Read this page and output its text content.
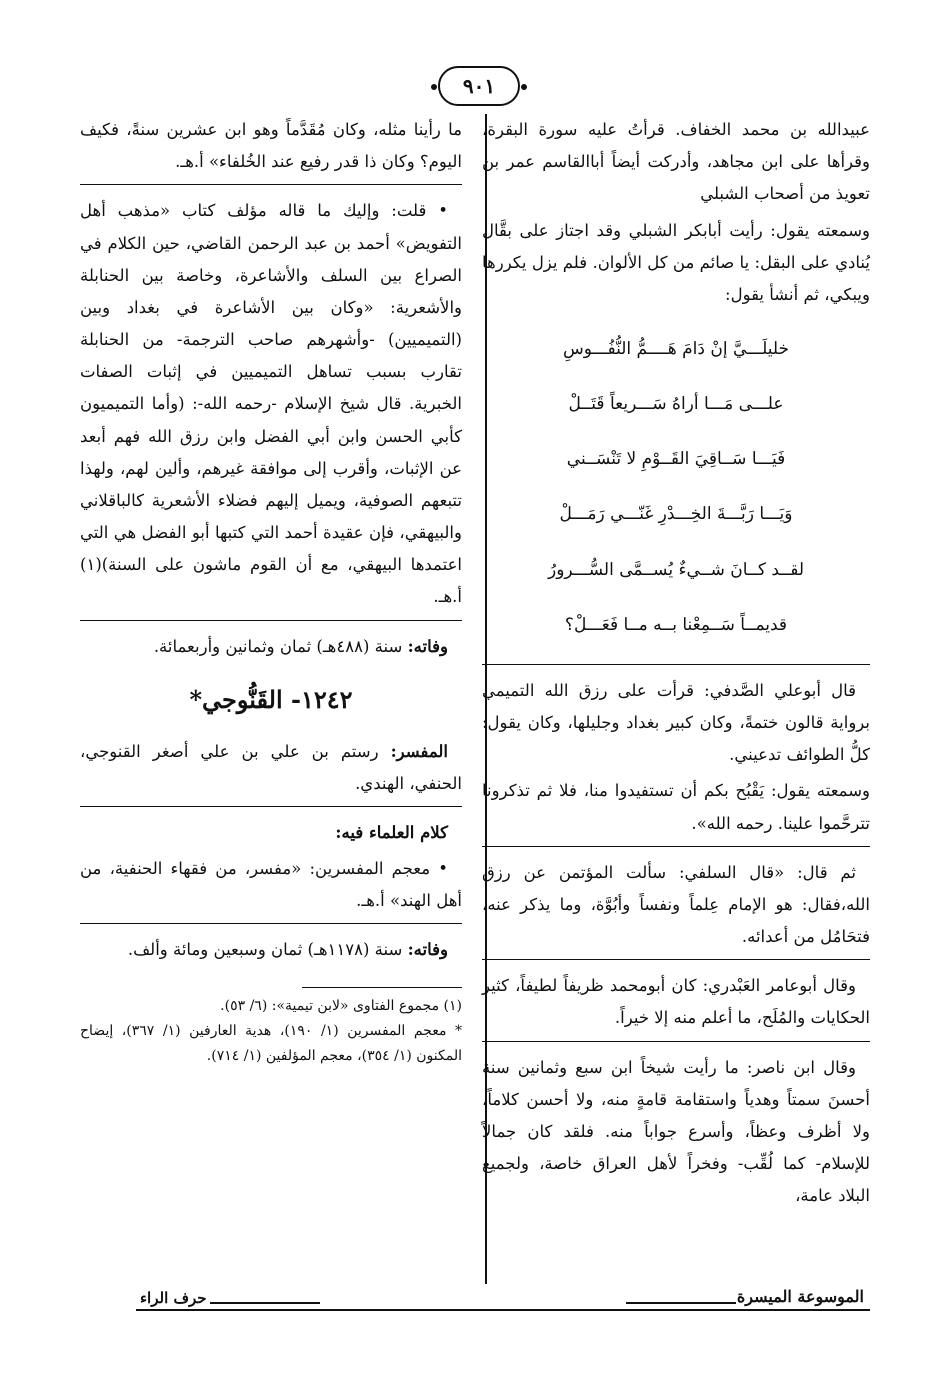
٩٠١

عبيدالله بن محمد الخفاف. قرأتُ عليه سورة البقرة، وقرأها على ابن مجاهد، وأدركت أيضاً أباالقاسم عمر بن تعويذ من أصحاب الشبلي

وسمعته يقول: رأيت أبابكر الشبلي وقد اجتاز على بقَّال يُنادي على البقل: يا صائم من كل الألوان. فلم يزل يكررها ويبكي، ثم أنشأ يقول:

خليلَـــيَّ إنْ دَامَ هَــــمُّ النُّفُـــوسِ
علـــى مَـــا أراهُ سَـــريعاً قَتَــلْ
فَيَـــا سَــاقِيَ القَــوْمِ لا تَنْسَــني
وَيَـــا رَبَّـــةَ الخِـــدْرِ غَنّـــي رَمَـــلْ
لقــد كــانَ شــيءٌ يُســمَّى السُّـــرورُ
قديمــاً سَــمِعْنا بــه مــا فَعَـــلْ؟

قال أبوعلي الصَّدفي: قرأت على رزق الله التميمي برواية قالون ختمةً، وكان كبير بغداد وجليلها، وكان يقول: كلُّ الطوائف تدعيني.

وسمعته يقول: يَقْبُح بكم أن تستفيدوا منا، فلا ثم تذكرونا تترحَّموا علينا. رحمه الله».

ثم قال: «قال السلفي: سألت المؤتمن عن رزق الله،فقال: هو الإمام عِلماً ونفساً وأبُوَّة، وما يذكر عنه، فتحَامُل من أعدائه.

وقال أبوعامر العَبْدري: كان أبومحمد ظريفاً لطيفاً، كثير الحكايات والمُلَح، ما أعلم منه إلا خيراً.

وقال ابن ناصر: ما رأيت شيخاً ابن سبع وثمانين سنة أحسنَ سمتاً وهدياً واستقامة قامةٍ منه، ولا أحسن كلاماً، ولا أظرف وعظاً، وأسرع جواباً منه. فلقد كان جمالاً للإسلام- كما لُقِّب- وفخراً لأهل العراق خاصة، ولجميع البلاد عامة،

ما رأينا مثله، وكان مُقَدَّماً وهو ابن عشرين سنةً، فكيف اليوم؟ وكان ذا قدر رفيع عند الخُلفاء» أ.هـ.

• قلت: وإليك ما قاله مؤلف كتاب «مذهب أهل التفويض» أحمد بن عبد الرحمن القاضي، حين الكلام في الصراع بين السلف والأشاعرة، وخاصة بين الحنابلة والأشعرية: «وكان بين الأشاعرة في بغداد وبين (التميميين) -وأشهرهم صاحب الترجمة- من الحنابلة تقارب بسبب تساهل التميميين في إثبات الصفات الخبرية. قال شيخ الإسلام -رحمه الله-: (وأما التميميون كأبي الحسن وابن أبي الفضل وابن رزق الله فهم أبعد عن الإثبات، وأقرب إلى موافقة غيرهم، وألين لهم، ولهذا تتبعهم الصوفية، ويميل إليهم فضلاء الأشعرية كالباقلاني والبيهقي، فإن عقيدة أحمد التي كتبها أبو الفضل هي التي اعتمدها البيهقي، مع أن القوم ماشون على السنة)(١) أ.هـ.

وفاته: سنة (٤٨٨هـ) ثمان وثمانين وأربعمائة.

١٢٤٢- القَنُّوجي*

المفسر: رستم بن علي بن علي أصغر القنوجي، الحنفي، الهندي.

كلام العلماء فيه:

• معجم المفسرين: «مفسر، من فقهاء الحنفية، من أهل الهند» أ.هـ.

وفاته: سنة (١١٧٨هـ) ثمان وسبعين ومائة وألف.

(١) مجموع الفتاوى «لابن تيمية»: (٦/ ٥٣).

* معجم المفسرين (١/ ١٩٠)، هدية العارفين (١/ ٣٦٧)، إيضاح المكنون (١/ ٣٥٤)، معجم المؤلفين (١/ ٧١٤).

الموسوعة الميسرة
حرف الراء
